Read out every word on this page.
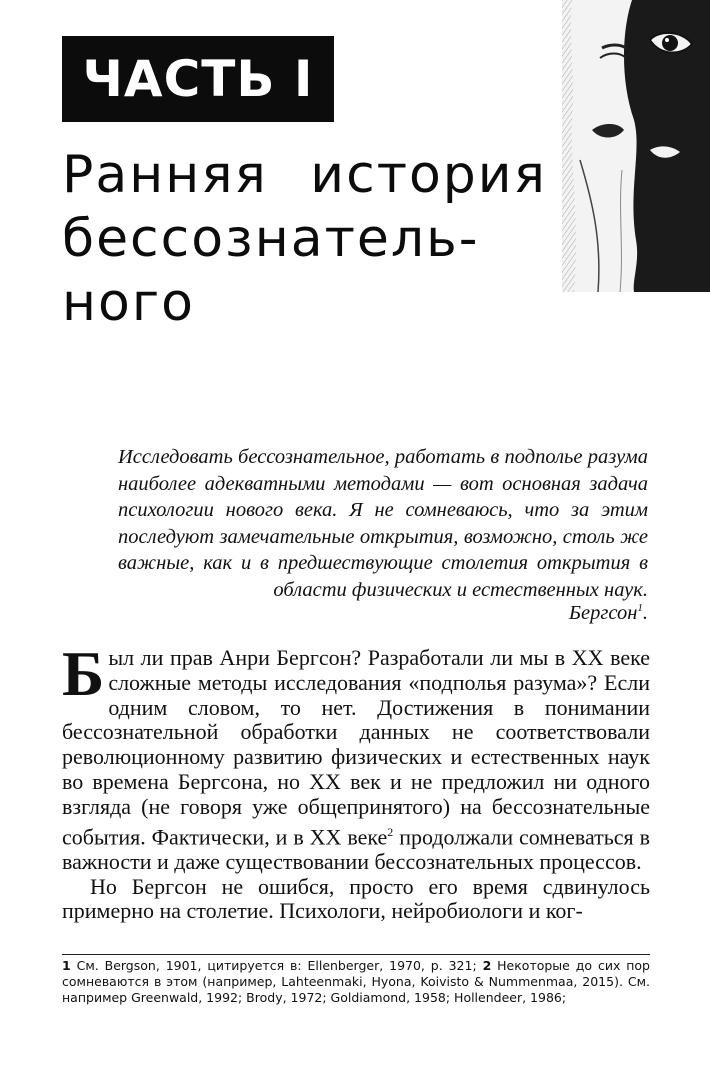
ЧАСТЬ I
Ранняя история
бессознатель-
ного
Исследовать бессознательное, работать в подполье разума наиболее адекватными методами — вот основная задача психологии нового века. Я не сомневаюсь, что за этим последуют замечательные открытия, возможно, столь же важные, как и в предшествующие столетия открытия в области физических и естественных наук.
Бергсон$^1$.

Был ли прав Анри Бергсон? Разработали ли мы в XX веке сложные методы исследования «подполья разума»? Если одним словом, то нет. Достижения в понимании бессознательной обработки данных не соответствовали революционному развитию физических и естественных наук во времена Бергсона, но XX век и не предложил ни одного взгляда (не говоря уже общепринятого) на бессознательные события. Фактически, и в XX веке$^2$ продолжали сомневаться в важности и даже существовании бессознательных процессов.

Но Бергсон не ошибся, просто его время сдвинулось примерно на столетие. Психологи, нейробиологи и ког-

1 См. Bergson, 1901, цитируется в: Ellenberger, 1970, p. 321; 2 Некоторые до сих пор сомневаются в этом (например, Lahteenmaki, Hyona, Koivisto & Nummenmaa, 2015). См. например Greenwald, 1992; Brody, 1972; Goldiamond, 1958; Hollendeer, 1986;
